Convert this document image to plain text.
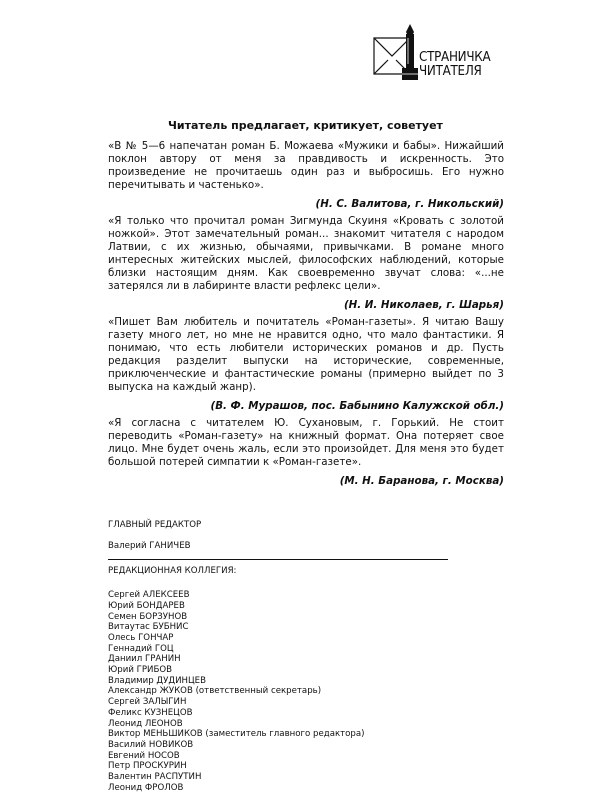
СТРАНИЧКА
ЧИТАТЕЛЯ
Читатель предлагает, критикует, советует

«В № 5—6 напечатан роман Б. Можаева «Мужики и бабы». Нижайший поклон автору от меня за правдивость и искренность. Это произведение не прочитаешь один раз и выбросишь. Его нужно перечитывать и частенько».

(Н. С. Валитова, г. Никольский)

«Я только что прочитал роман Зигмунда Скуиня «Кровать с золотой ножкой». Этот замечательный роман... знакомит читателя с народом Латвии, с их жизнью, обычаями, привычками. В романе много интересных житейских мыслей, философских наблюдений, которые близки настоящим дням. Как своевременно звучат слова: «...не затерялся ли в лабиринте власти рефлекс цели».

(Н. И. Николаев, г. Шарья)

«Пишет Вам любитель и почитатель «Роман-газеты». Я читаю Вашу газету много лет, но мне не нравится одно, что мало фантастики. Я понимаю, что есть любители исторических романов и др. Пусть редакция разделит выпуски на исторические, современные, приключенческие и фантастические романы (примерно выйдет по 3 выпуска на каждый жанр).

(В. Ф. Мурашов, пос. Бабынино Калужской обл.)

«Я согласна с читателем Ю. Сухановым, г. Горький. Не стоит переводить «Роман-газету» на книжный формат. Она потеряет свое лицо. Мне будет очень жаль, если это произойдет. Для меня это будет большой потерей симпатии к «Роман-газете».

(М. Н. Баранова, г. Москва)

ГЛАВНЫЙ РЕДАКТОР

Валерий ГАНИЧЕВ

РЕДАКЦИОННАЯ КОЛЛЕГИЯ:

Сергей АЛЕКСЕЕВ
Юрий БОНДАРЕВ
Семен БОРЗУНОВ
Витаутас БУБНИС
Олесь ГОНЧАР
Геннадий ГОЦ
Даниил ГРАНИН
Юрий ГРИБОВ
Владимир ДУДИНЦЕВ
Александр ЖУКОВ (ответственный секретарь)
Сергей ЗАЛЫГИН
Феликс КУЗНЕЦОВ
Леонид ЛЕОНОВ
Виктор МЕНЬШИКОВ (заместитель главного редактора)
Василий НОВИКОВ
Евгений НОСОВ
Петр ПРОСКУРИН
Валентин РАСПУТИН
Леонид ФРОЛОВ
